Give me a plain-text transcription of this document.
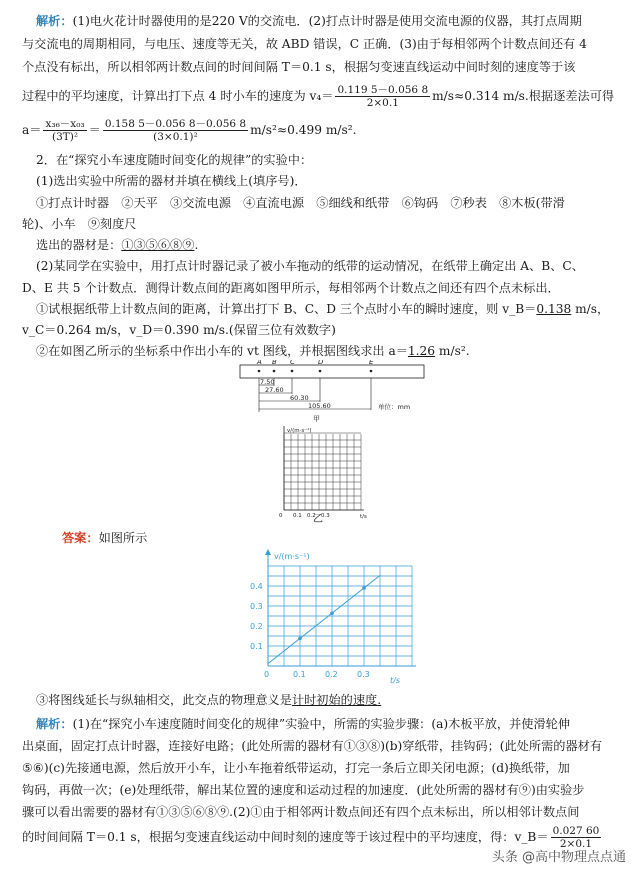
解析：(1)电火花计时器使用的是220 V的交流电．(2)打点计时器是使用交流电源的仪器，其打点周期
与交流电的周期相同，与电压、速度等无关，故 ABD 错误，C 正确．(3)由于每相邻两个计数点间还有 4
个点没有标出，所以相邻两计数点间的时间间隔 T＝0.1 s，根据匀变速直线运动中间时刻的速度等于该
过程中的平均速度，计算出打下点 4 时小车的速度为 $v_4= \frac{0.119 5-0.056 8}{2\times 0.1} m/s\approx 0.314$ m/s.根据逐差法可得
$a= \frac{\text{x₃₆－x₀₃}}{\text{(3T)²}} = \frac{0.158 5-0.056 8-0.056 8}{\text{(3×0.1)²}} m/s^2\approx 0.499$ m/s².
2．在“探究小车速度随时间变化的规律”的实验中：
(1)选出实验中所需的器材并填在横线上(填序号)．
①打点计时器　②天平　③交流电源　④直流电源　⑤细线和纸带　⑥钩码　⑦秒表　⑧木板(带滑
轮)、小车　⑨刻度尺
选出的器材是：①③⑤⑥⑧⑨.
(2)某同学在实验中，用打点计时器记录了被小车拖动的纸带的运动情况，在纸带上确定出 A、B、C、
D、E 共 5 个计数点．测得计数点间的距离如图甲所示，每相邻两个计数点之间还有四个点未标出．
①试根据纸带上计数点间的距离，计算出打下 B、C、D 三个点时小车的瞬时速度，则 v_B＝0.138 m/s，
v_C＝0.264 m/s，v_D＝0.390 m/s.(保留三位有效数字)
②在如图乙所示的坐标系中作出小车的 vt 图线，并根据图线求出 a＝1.26 m/s².
A B C	D	E
7.50
27.60
60.30
105.60	单位：mm
甲
v/(m·s⁻¹)
0 0.1 0.2 0.3	t/s
乙
答案：如图所示
0	0.1 0.2 0.3
0.1
0.2
0.3
0.4
v/(m·s⁻¹)
t/s
③将图线延长与纵轴相交，此交点的物理意义是计时初始的速度.
解析：(1)在“探究小车速度随时间变化的规律”实验中，所需的实验步骤：(a)木板平放，并使滑轮伸
出桌面，固定打点计时器，连接好电路；(此处所需的器材有①③⑧)(b)穿纸带，挂钩码；(此处所需的器材有
⑤⑥)(c)先接通电源，然后放开小车，让小车拖着纸带运动，打完一条后立即关闭电源；(d)换纸带，加
钩码，再做一次；(e)处理纸带，解出某位置的速度和运动过程的加速度．(此处所需的器材有⑨)由实验步
骤可以看出需要的器材有①③⑤⑥⑧⑨.(2)①由于相邻两计数点间还有四个点未标出，所以相邻计数点间
的时间间隔 T＝0.1 s，根据匀变速直线运动中间时刻的速度等于该过程中的平均速度，得：v_B＝ $\frac{0.027 60}{2\times 0.1}$
头条 @高中物理点点通
